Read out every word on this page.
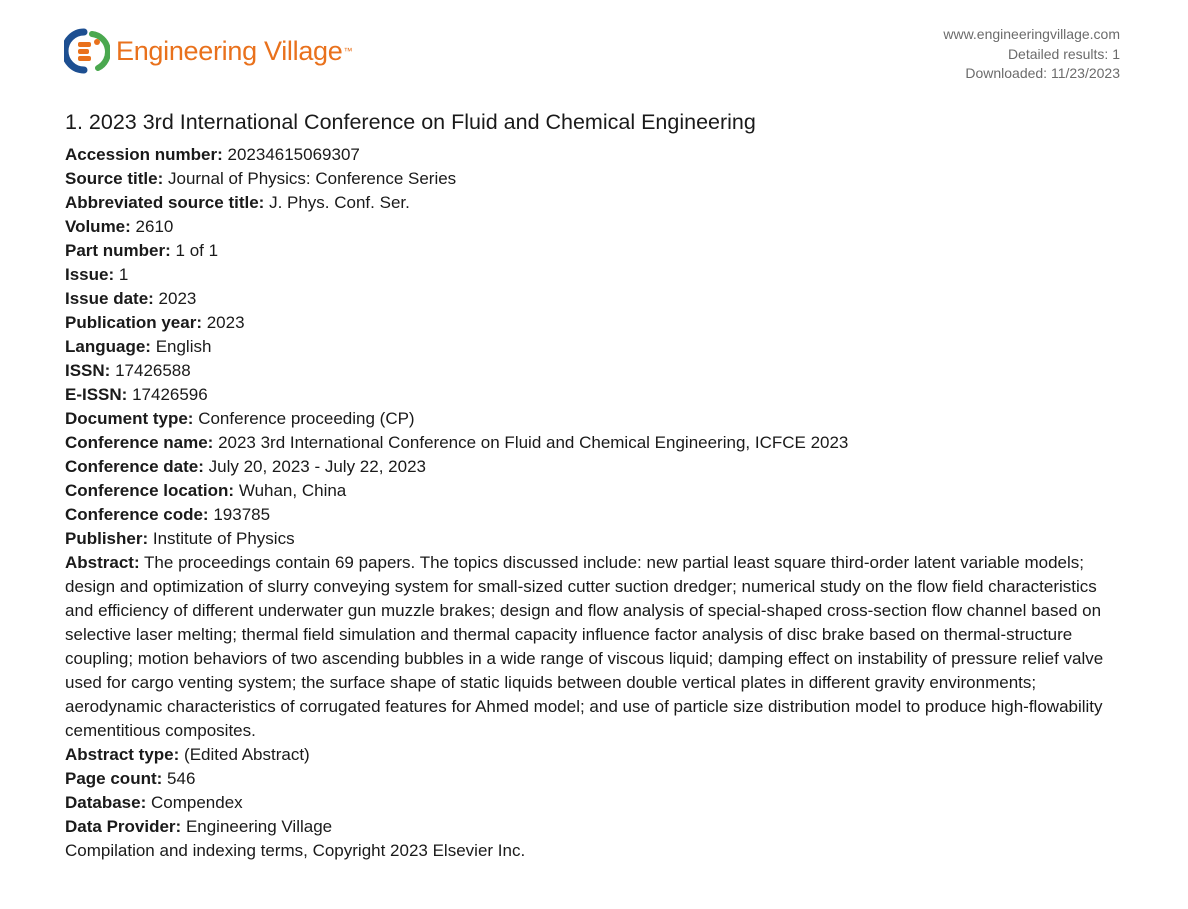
Engineering Village ™
www.engineeringvillage.com
Detailed results: 1
Downloaded: 11/23/2023
1. 2023 3rd International Conference on Fluid and Chemical Engineering

Accession number: 20234615069307

Source title: Journal of Physics: Conference Series

Abbreviated source title: J. Phys. Conf. Ser.

Volume: 2610

Part number: 1 of 1

Issue: 1

Issue date: 2023

Publication year: 2023

Language: English

ISSN: 17426588

E-ISSN: 17426596

Document type: Conference proceeding (CP)

Conference name: 2023 3rd International Conference on Fluid and Chemical Engineering, ICFCE 2023

Conference date: July 20, 2023 - July 22, 2023

Conference location: Wuhan, China

Conference code: 193785

Publisher: Institute of Physics

Abstract: The proceedings contain 69 papers. The topics discussed include: new partial least square third-order latent variable models; design and optimization of slurry conveying system for small-sized cutter suction dredger; numerical study on the flow field characteristics and efficiency of different underwater gun muzzle brakes; design and flow analysis of special-shaped cross-section flow channel based on selective laser melting; thermal field simulation and thermal capacity influence factor analysis of disc brake based on thermal-structure coupling; motion behaviors of two ascending bubbles in a wide range of viscous liquid; damping effect on instability of pressure relief valve used for cargo venting system; the surface shape of static liquids between double vertical plates in different gravity environments; aerodynamic characteristics of corrugated features for Ahmed model; and use of particle size distribution model to produce high-flowability cementitious composites.

Abstract type: (Edited Abstract)

Page count: 546

Database: Compendex

Data Provider: Engineering Village

Compilation and indexing terms, Copyright 2023 Elsevier Inc.
